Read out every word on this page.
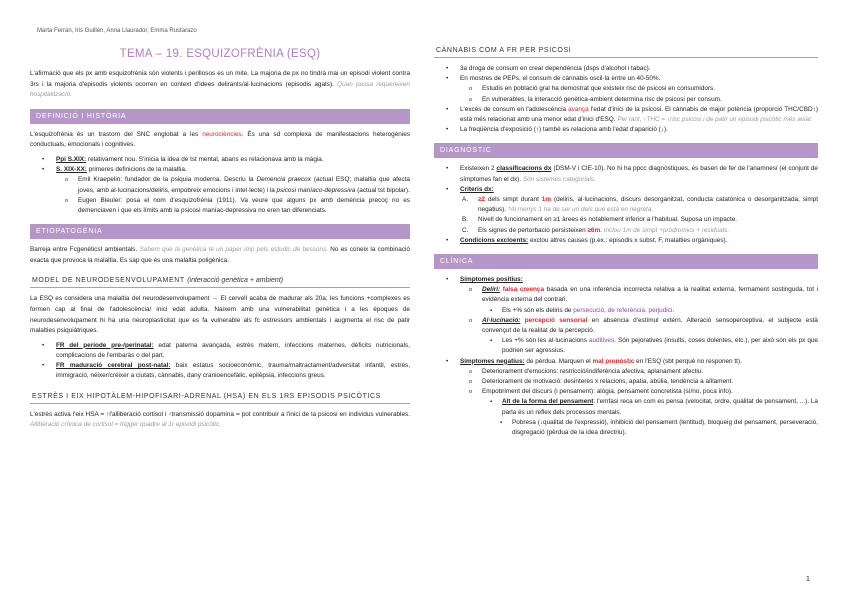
Marta Ferran, Iris Guillén, Anna Llaurador, Emma Rustarazo
1
TEMA – 19. ESQUIZOFRÈNIA (ESQ)

L'afirmació que els px amb esquizofrènia són violents i perillosos es un mite. La majoria de px no tindrà mai un episodi violent contra 3rs i la majoria d'episodis violents ocorren en context d'idees delirants/al·lucinacions (episodis agats). Quan passa requereixen hospitalització.

DEFINICIÓ I HISTÒRIA

L'esquizofrènia és un trastorn del SNC englobat a les neurociències. És una sd complexa de manifestacions heterogènies conductuals, emocionals i cognitives.

• Ppi S.XIX: relativament nou. S'inicia la idea de tst mental, abans es relacionava amb la màgia.
• S. XIX-XX: primeres definicions de la malaltia.
o Emil Kraepelin: fundador de la psiquia moderna. Descriu la Demencia praecox (actual ESQ; malaltia que afecta joves, amb al·lucinacions/deliris, empobreix emocions i intel·lecte) i la psicosi maníaco-depressiva (actual tst bipolar).
o Eugen Bleuler: posa el nom d'esquizofrènia (1911). Va veure que alguns px amb demència precoç no es demenciaven i que els límits amb la psicosi maníac-depressiva no eren tan diferenciats.
ETIOPATOGÈNIA

Barreja entre FcgenèticsI ambientals. Sabem que la genètica té un paper imp pels estudis de bessons. No es coneix la combinació exacta que provoca la malaltia. Es sap que és una malaltia poligènica.

MODEL DE NEURODESENVOLUPAMENT (interacció genètica + ambient)

La ESQ es considera una malaltia del neurodesenvolupament → El cervell acaba de madurar als 20a; les funcions +complexes es formen cap al final de l'adolescència/ inici edat adulta. Naixem amb una vulnerabilitat genètica i a les èpoques de neurodesenvolupament hi ha una neuroplasticitat que es fa vulnerable als fc estressors ambientals i augmenta el risc de patir malalties psiquiàtriques.

• FR del període pre-/perinatal: edat paterna avançada, estrès matern, infeccions maternes, dèficits nutricionals, complicacions de l'embaràs o del part.
• FR maduració cerebral post-natal: baix estatus socioeconòmic, trauma/maltractament/adversitat infantil, estrès, immigració, néixer/créixer a ciutats, cànnabis, dany cranioencefàlic, epilèpsia, infeccions greus.
ESTRÈS I EIX HIPOTÀLEM-HIPOFISARI-ADRENAL (HSA) EN ELS 1RS EPISODIS PSICÒTICS

L'estrès activa l'eix HSA = ↑l'alliberació cortisol i ↑transmissió dopamina = pot contribuir a l'inici de la psicosi en individus vulnerables. Alliberació crònica de cortisol = trigger quadre al 1r episodi psicòtic.

CÀNNABIS COM A FR PER PSICOSI
• 3a droga de consum en crear dependència (dsps d'alcohol i tabac).
• En mostres de PEPs, el consum de cànnabis oscil·la entre un 40-50%.
o Estudis en població gral ha demostrat que existeix risc de psicosi en consumidors.
o En vulnerables, la interacció genètica-ambient determina risc de psicosi per consum.
• L'excés de consum en l'adolescència avança l'edat d'inici de la psicosi. El cànnabis de major potència (proporció THC/CBD↑) està més relacionat amb una menor edat d'inici d'ESQ. Per tant, ↑THC = ↑risc psicosi i de patir un episodi psicòtic més aviat.
• La freqüència d'exposició (↑) també es relaciona amb l'edat d'aparició (↓).
DIAGNÒSTIC
• Existeixen 2 classificacions dx (DSM-V i CIE-10). No hi ha ppcc diagnòstiques, es basen de fer de l'anamnesi (el conjunt de símptomes fan el dx). Són sistemes categorials.
• Criteris dx:
A. ≥2 dels simpt durant 1m (deliris, al·lucinacions, discurs desorganitzat, conducta catatònica o desorganitzada, simpt negatius). *Al menys 1 ha de ser un dels que està en negreta.
B. Nivell de funcionament en ≥1 àrees és notablement inferior a l'habitual. Suposa un impacte.
C. Els signes de pertorbació persisteixen ≥6m. Inclou 1m de simpt +pròdromics + residuals.
• Condicions excloents: exclou altres causes (p.ex.: episodis x subst, F, malalties orgàniques).
CLÍNICA
• Símptomes positius:
o Deliri: falsa creença basada en una inferència incorrecta relativa a la realitat externa, fermament sostinguda, tot i evidència externa del contrari.
▪ Els +% són els deliris de persecució, de referència, perjudici.
o Al·lucinació: percepció sensorial en absència d'estímul extern. Alteració sensoperceptiva, el subjecte està convençut de la realitat de la percepció.
▪ Les +% són les al·lucinacions auditives. Són pejoratives (insults, coses dolentes, etc.), per això són els px que podrien ser agressius.
• Símptomes negatius: de pèrdua. Marquen el mal pronòstic en l'ESQ (sbt perquè no responen tt).
o Deteriorament d'emocions: restricció/indiferència afectiva, aplanament afectiu.
o Deteriorament de motivació: desinterès x relacions, apatia, abúlia, tendència a aïllament.
o Empobriment del discurs (i pensament): alògia, pensament concretista (sí/no, poca info).
▪ Alt de la forma del pensament: l'emfasi reca en com es pensa (velocitat, ordre, qualitat de pensament, ...). La parla és un reflex dels processos mentals.
▪ Pobresa (↓qualitat de l'expressió), inhibició del pensament (lentitud), bloqueig del pensament, perseveració, disgregació (pèrdua de la idea directriu).
